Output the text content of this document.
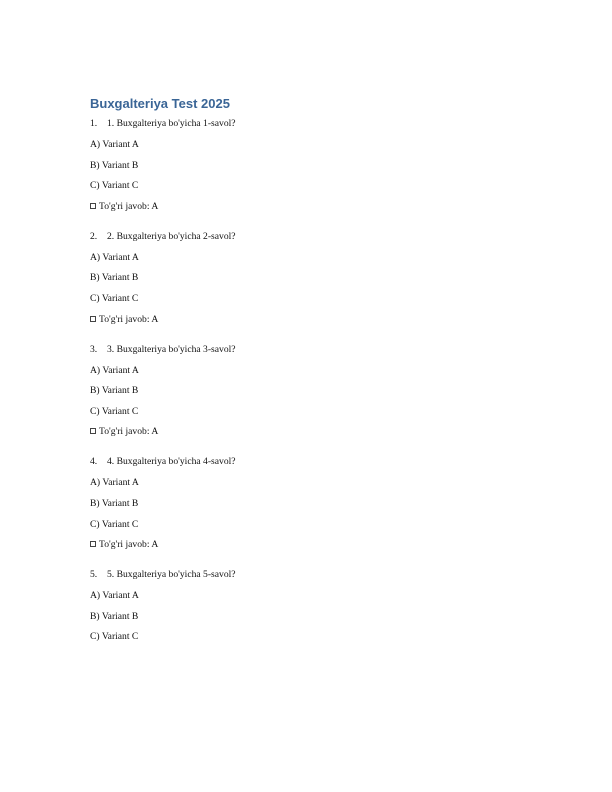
Buxgalteriya Test 2025
1.	1. Buxgalteriya bo'yicha 1-savol?
A) Variant A
B) Variant B
C) Variant C
To'g'ri javob: A
2.	2. Buxgalteriya bo'yicha 2-savol?
A) Variant A
B) Variant B
C) Variant C
To'g'ri javob: A
3.	3. Buxgalteriya bo'yicha 3-savol?
A) Variant A
B) Variant B
C) Variant C
To'g'ri javob: A
4.	4. Buxgalteriya bo'yicha 4-savol?
A) Variant A
B) Variant B
C) Variant C
To'g'ri javob: A
5.	5. Buxgalteriya bo'yicha 5-savol?
A) Variant A
B) Variant B
C) Variant C
